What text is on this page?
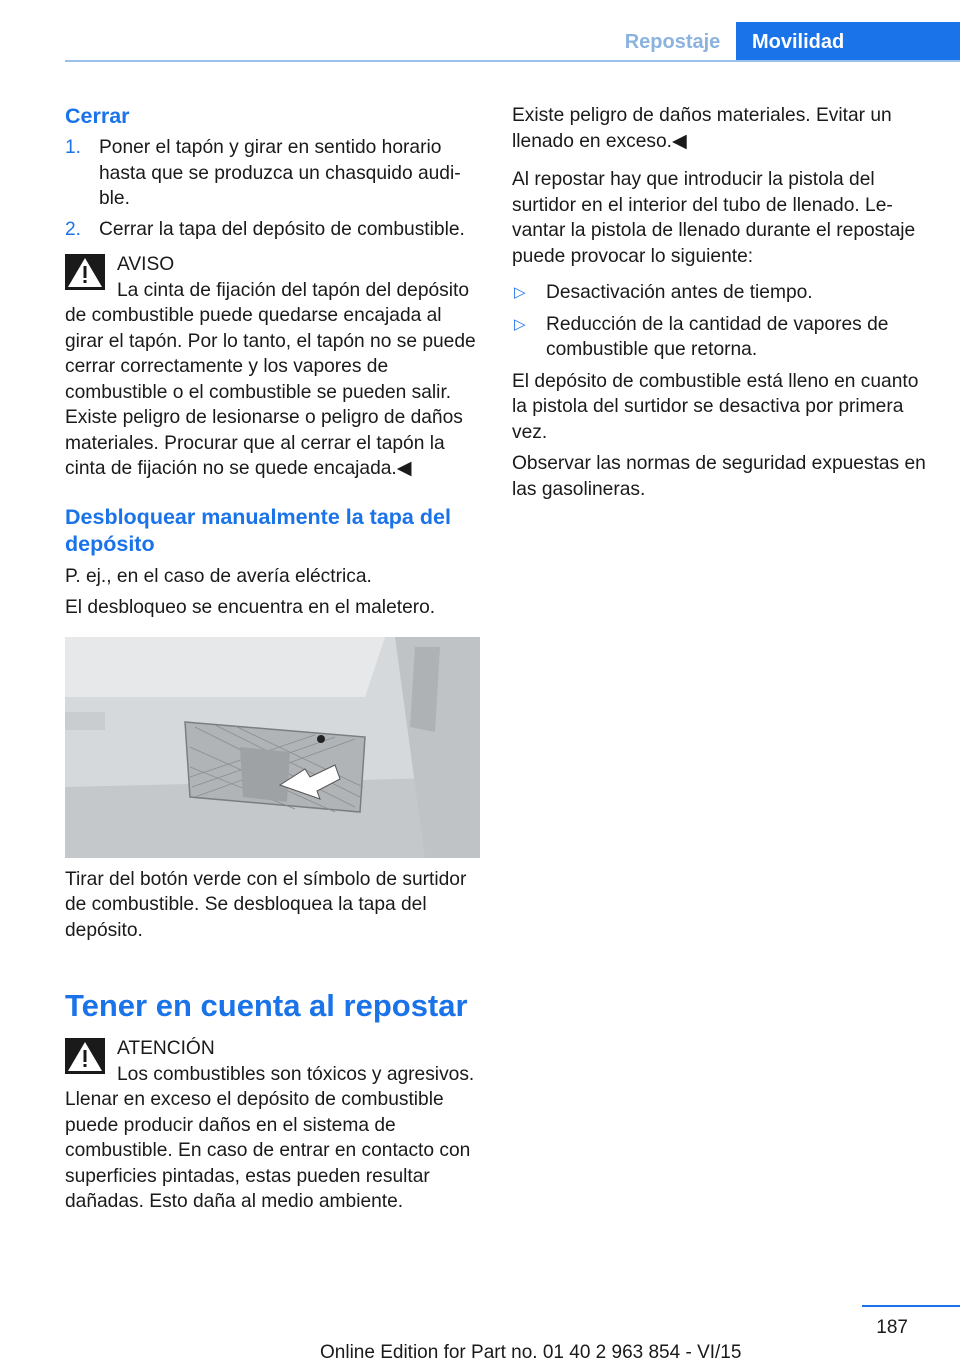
Repostaje	Movilidad
Cerrar
1. Poner el tapón y girar en sentido horario hasta que se produzca un chasquido audible.
2. Cerrar la tapa del depósito de combustible.
AVISO
La cinta de fijación del tapón del depósito de combustible puede quedarse encajada al girar el tapón. Por lo tanto, el tapón no se puede cerrar correctamente y los vapores de combustible o el combustible se pueden salir. Existe peligro de lesionarse o peligro de daños materiales. Procurar que al cerrar el tapón la cinta de fijación no se quede encajada.◀
Desbloquear manualmente la tapa del depósito

P. ej., en el caso de avería eléctrica.

El desbloqueo se encuentra en el maletero.

Tirar del botón verde con el símbolo de surtidor de combustible. Se desbloquea la tapa del depósito.

Tener en cuenta al repostar
ATENCIÓN
Los combustibles son tóxicos y agresivos. Llenar en exceso el depósito de combustible puede producir daños en el sistema de combustible. En caso de entrar en contacto con superficies pintadas, estas pueden resultar dañadas. Esto daña al medio ambiente.

Existe peligro de daños materiales. Evitar un llenado en exceso.◀

Al repostar hay que introducir la pistola del surtidor en el interior del tubo de llenado. Levantar la pistola de llenado durante el repostaje puede provocar lo siguiente:

▷ Desactivación antes de tiempo.
▷ Reducción de la cantidad de vapores de combustible que retorna.

El depósito de combustible está lleno en cuanto la pistola del surtidor se desactiva por primera vez.

Observar las normas de seguridad expuestas en las gasolineras.

187
Online Edition for Part no. 01 40 2 963 854 - VI/15
